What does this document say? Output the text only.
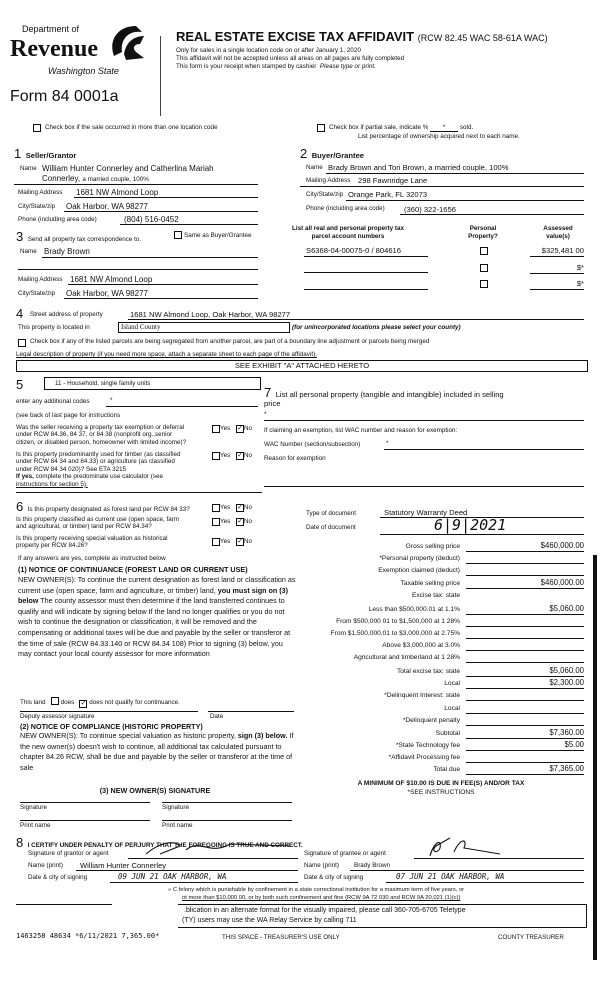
Department of
Revenue
Washington State
Form 84 0001a
REAL ESTATE EXCISE TAX AFFIDAVIT (RCW 82.45 WAC 58-61A WAC)
Only for sales in a single location code on or after January 1, 2020
This affidavit will not be accepted unless all areas on all pages are fully completed
This form is your receipt when stamped by cashier Please type or print.
Check box if the sale occurred in more than one location code	Check box if partial sale, indicate % * sold.
List percentage of ownership acquired next to each name.
1 Seller/Grantor
Name William Hunter Connerley and Catherlina Mariah
Connerley, a married couple, 100%
Mailing Address 1681 NW Almond Loop
City/State/zip Oak Harbor, WA 98277
Phone (including area code)	(804) 516-0452
2 Buyer/Grantee
Name Brady Brown and Tori Brown, a married couple, 100%
Mailing Address 298 Fawnridge Lane
City/State/zip Orange Park, FL 32073
Phone (including area code)	(360) 322-1656
3 Send all property tax correspondence to.
Same as Buyer/Grantee
Name Brady Brown
Mailing Address 1681 NW Almond Loop
City/State/zip Oak Harbor, WA 98277
List all real and personal property tax
parcel account numbers
Personal
Property?
Assessed
value(s)
S6368-04-00075-0 / 804616	$325,481 00
$*
$*
4 Street address of property	1681 NW Almond Loop, Oak Harbor, WA 98277
This property is located in	Island County	(for unincorporated locations please select your county)
Check box if any of the listed parcels are being segregated from another parcel, are part of a boundary line adjustment or parcels being merged
Legal description of property (if you need more space, attach a separate sheet to each page of the affidavit).
SEE EXHIBIT "A" ATTACHED HERETO
5	11 - Household, single family units
enter any additional codes	*
(see back of last page for instructions
Was the seller receiving a property tax exemption or deferral
under RCW 84.36, 84 37, or 84 38 (nonprofit org.,senior
citizen, or disabled person, homeowner with limited income)?
Yes ✓ No
Is this property predominantly used for timber (as classified
under RCW 84 34 and 84.33) or agriculture (as classified
under RCW 84 34 020)? See ETA 3215
If yes, complete the predominate use calculator (see
instructions for section 5).
Yes ✓ No
7 List all personal property (tangible and intangible) included in selling
price
*
If claiming an exemption, list WAC number and reason for exemption:
WAC Number (section/subsection)	*
Reason for exemption
6 Is this property designated as forest land per RCW 84 33?	Yes ✓ No
Is this property classified as current use (open space, farm
and agricultural, or timber) land per RCW 84.34?
Yes ✓ No
Is this property receiving special valuation as historical
property per RCW 84.26?
Yes ✓ No
If any answers are yes, complete as instructed below
(1) NOTICE OF CONTINUANCE (FOREST LAND OR CURRENT USE)
NEW OWNER(S): To continue the current designation as forest land or classification as current use (open space, farm and agriculture, or timber) land, you must sign on (3) below The county assessor must then determine if the land transferred continues to qualify and will indicate by signing below If the land no longer qualifies or you do not wish to continue the designation or classification, it will be removed and the compensating or additional taxes will be due and payable by the seller or transferor at the time of sale (RCW 84.33.140 or RCW 84.34 108) Prior to signing (3) below, you may contact your local county assessor for more information
This land does ✓ does not qualify for continuance.
Deputy assessor signature	Date
(2) NOTICE OF COMPLIANCE (HISTORIC PROPERTY)
NEW OWNER(S): To continue special valuation as historic property, sign (3) below. If the new owner(s) doesn't wish to continue, all additional tax calculated pursuant to chapter 84.26 RCW, shall be due and payable by the seller or transferor at the time of sale
(3) NEW OWNER(S) SIGNATURE
Signature	Signature
Print name	Print name
Type of document	Statutory Warranty Deed
Date of document	6|9|2021
Gross selling price	$460,000.00
*Personal property (deduct)
Exemption claimed (deduct)
Taxable selling price	$460,000.00
Excise tax: state
Less than $500,000.01 at 1.1%	$5,060.00
From $500,000 01 to $1,500,000 at 1 28%
From $1,500,000.01 to $3,000,000 at 2.75%
Above $3,000,000 at 3.0%
Agricultural and timberland at 1 28%
Total excise tax: state	$5,060.00
Local	$2,300.00
*Delinquent Interest: state
Local
*Delinquent penalty
Subtotal	$7,360.00
*State Technology fee	$5.00
*Affidavit Processing fee
Total due	$7,365.00
A MINIMUM OF $10.00 IS DUE IN FEE(S) AND/OR TAX
*SEE INSTRUCTIONS
8 I CERTIFY UNDER PENALTY OF PERJURY THAT THE FOREGOING IS TRUE AND CORRECT.
Signature of grantor or agent	Signature of grantee or agent
Name (print) William Hunter Connerley	Name (print) Brady Brown
Date & city of signing	09 JUN 21 OAK HARBOR, WA	Date & city of signing	07 JUN 21 OAK HARBOR, WA
» C felony which is punishable by confinement in a state correctional institution for a maximum term of five years, or
ot more than $10,000 00, or by both such confinement and fine (RCW 9A 72 030 and RCW 9A 20.021 (1)(c))
.blication in an alternate format for the visually impaired, please call 360-705-6705 Teletype
(TY) users may use the WA Relay Service by calling 711
1463258 48634 *6/11/2021 7,365.00*	THIS SPACE - TREASURER'S USE ONLY	COUNTY TREASURER
